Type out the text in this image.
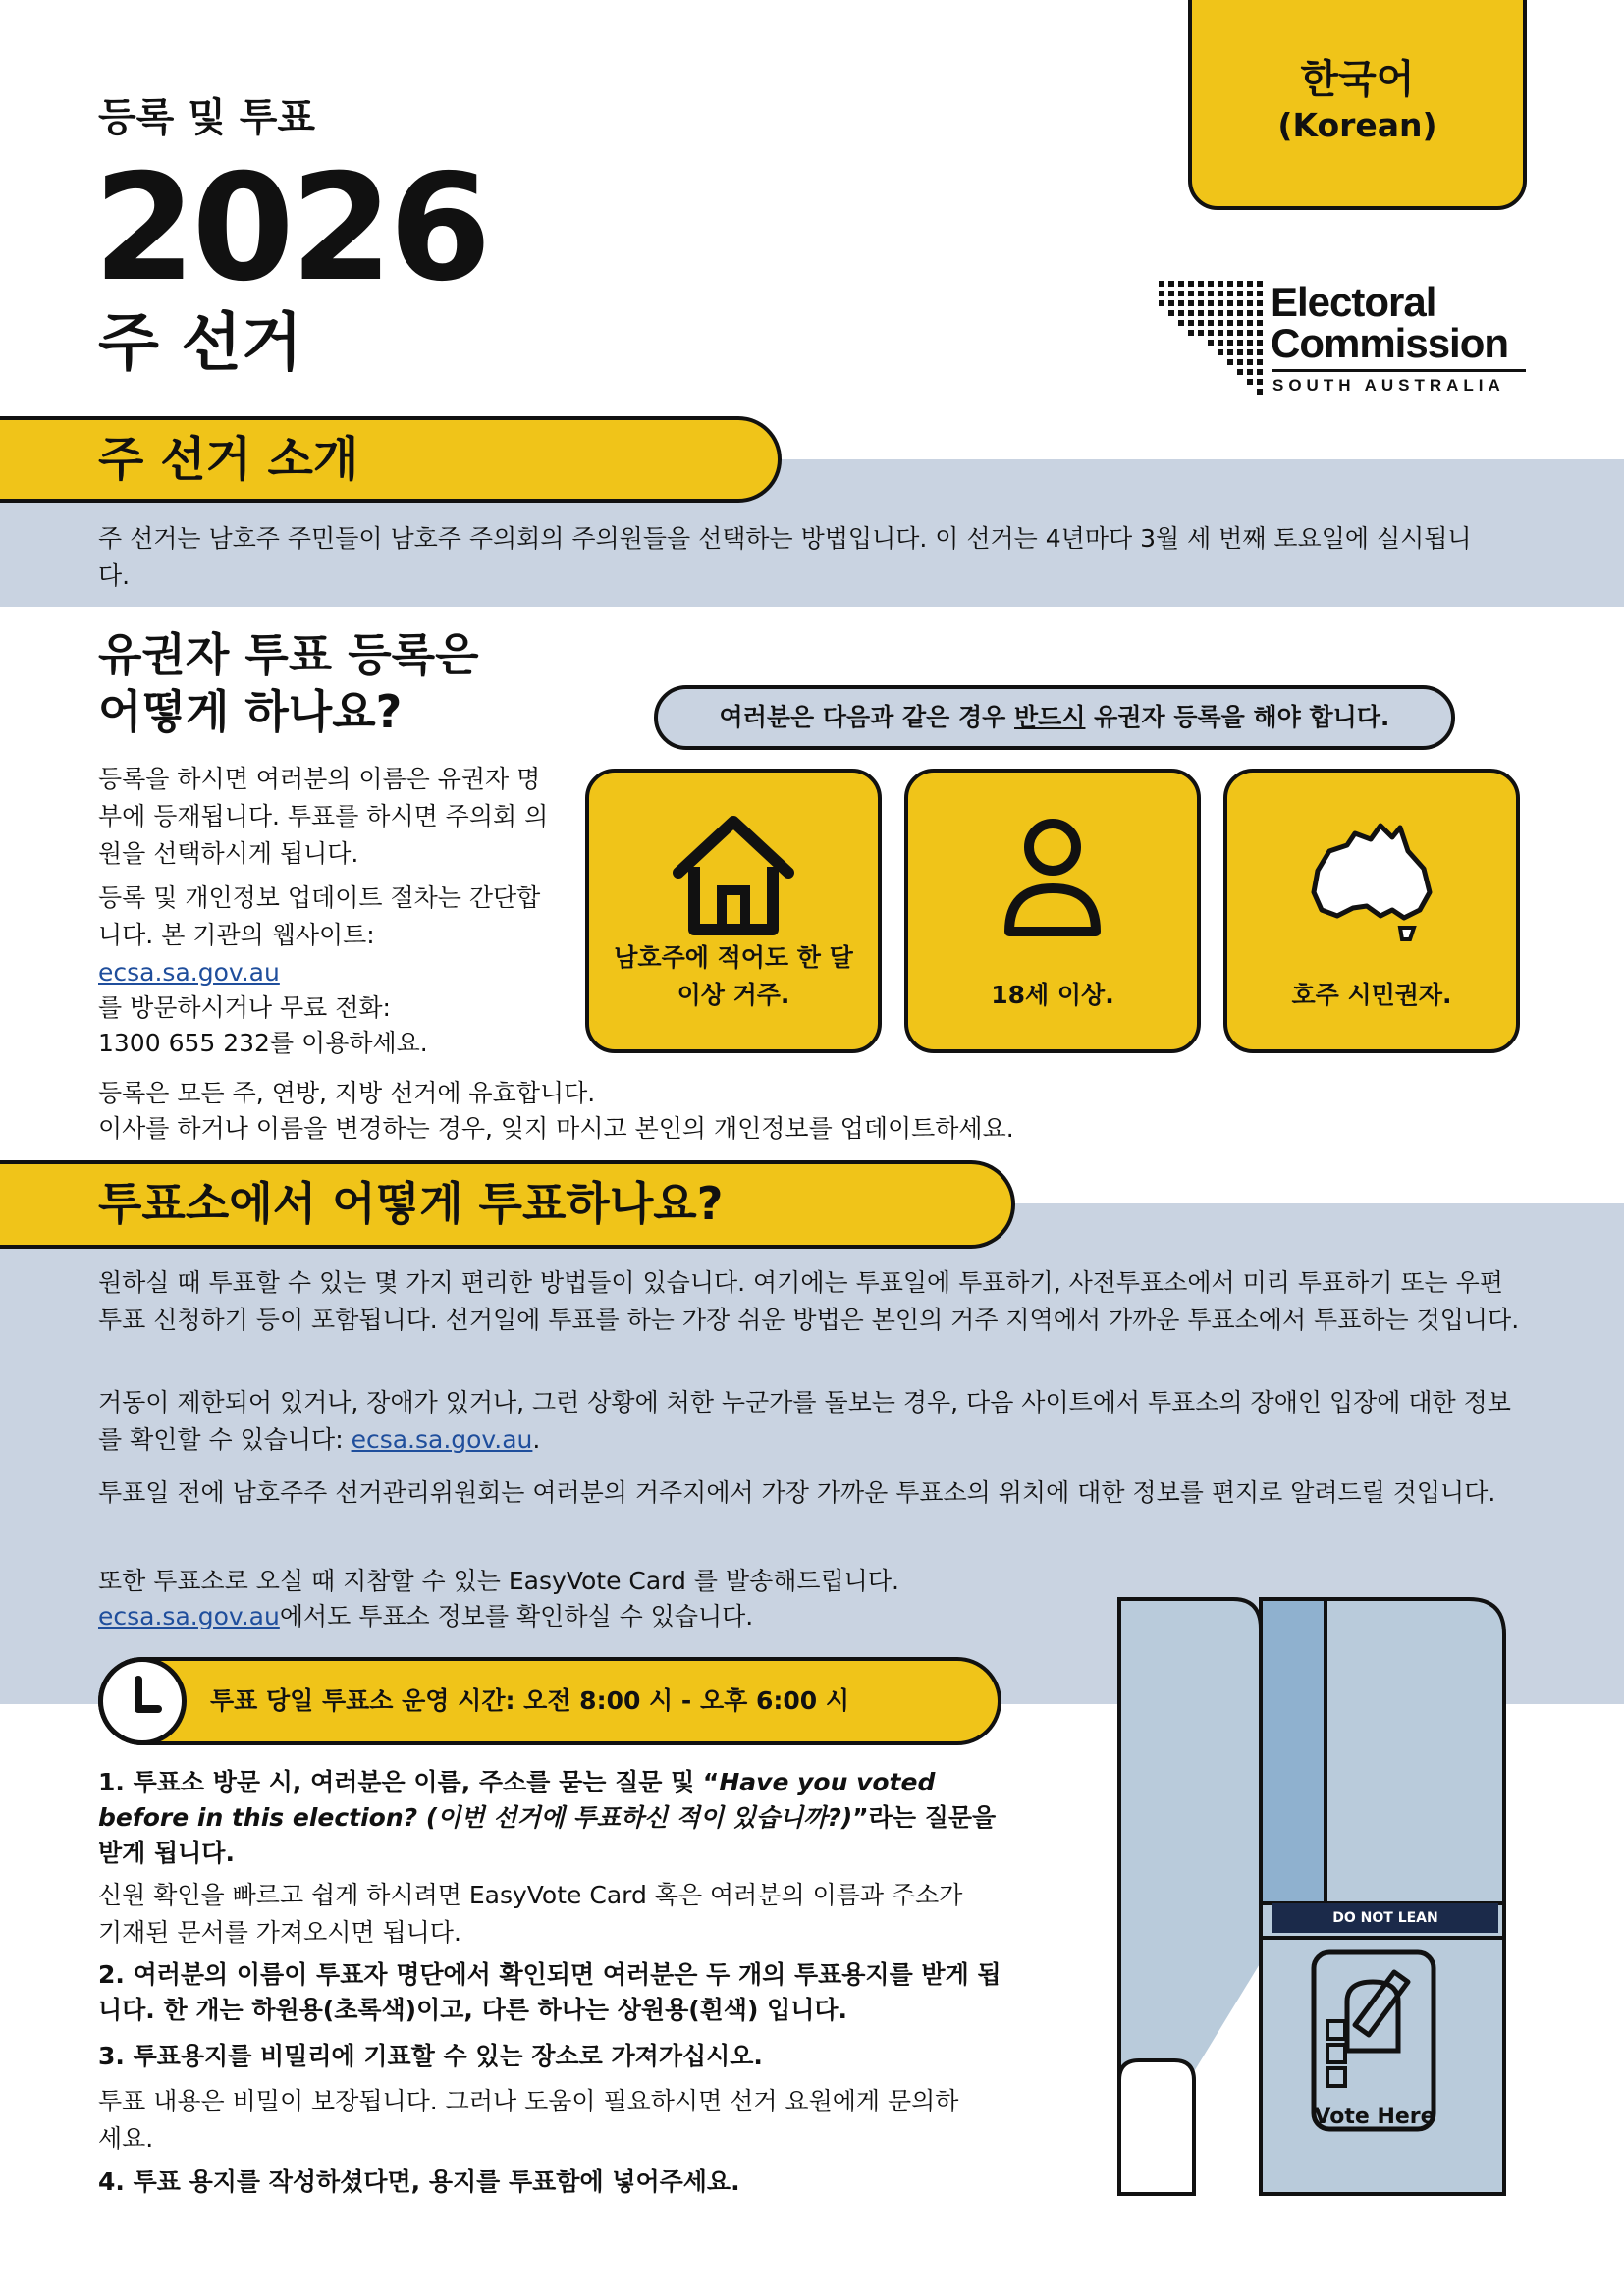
등록 및 투표
2026
주 선거
한국어
(Korean)
Electoral
Commission
SOUTH AUSTRALIA
주 선거 소개

주 선거는 남호주 주민들이 남호주 주의회의 주의원들을 선택하는 방법입니다. 이 선거는 4년마다 3월 세 번째 토요일에 실시됩니다.

유권자 투표 등록은
어떻게 하나요?

등록을 하시면 여러분의 이름은 유권자 명부에 등재됩니다. 투표를 하시면 주의회 의원을 선택하시게 됩니다.

등록 및 개인정보 업데이트 절차는 간단합니다. 본 기관의 웹사이트:

ecsa.sa.gov.au

를 방문하시거나 무료 전화:

1300 655 232를 이용하세요.

등록은 모든 주, 연방, 지방 선거에 유효합니다.

이사를 하거나 이름을 변경하는 경우, 잊지 마시고 본인의 개인정보를 업데이트하세요.

여러분은 다음과 같은 경우 반드시 유권자 등록을 해야 합니다.
남호주에 적어도 한 달 이상 거주.	18세 이상.	호주 시민권자.
투표소에서 어떻게 투표하나요?

원하실 때 투표할 수 있는 몇 가지 편리한 방법들이 있습니다. 여기에는 투표일에 투표하기, 사전투표소에서 미리 투표하기 또는 우편 투표 신청하기 등이 포함됩니다. 선거일에 투표를 하는 가장 쉬운 방법은 본인의 거주 지역에서 가까운 투표소에서 투표하는 것입니다.

거동이 제한되어 있거나, 장애가 있거나, 그런 상황에 처한 누군가를 돌보는 경우, 다음 사이트에서 투표소의 장애인 입장에 대한 정보를 확인할 수 있습니다: ecsa.sa.gov.au.

투표일 전에 남호주주 선거관리위원회는 여러분의 거주지에서 가장 가까운 투표소의 위치에 대한 정보를 편지로 알려드릴 것입니다.

또한 투표소로 오실 때 지참할 수 있는 EasyVote Card 를 발송해드립니다.

ecsa.sa.gov.au에서도 투표소 정보를 확인하실 수 있습니다.

투표 당일 투표소 운영 시간: 오전 8:00 시 - 오후 6:00 시

1. 투표소 방문 시, 여러분은 이름, 주소를 묻는 질문 및 “Have you voted before in this election? (이번 선거에 투표하신 적이 있습니까?)”라는 질문을 받게 됩니다.

신원 확인을 빠르고 쉽게 하시려면 EasyVote Card 혹은 여러분의 이름과 주소가 기재된 문서를 가져오시면 됩니다.

2. 여러분의 이름이 투표자 명단에서 확인되면 여러분은 두 개의 투표용지를 받게 됩니다. 한 개는 하원용(초록색)이고, 다른 하나는 상원용(흰색) 입니다.

3. 투표용지를 비밀리에 기표할 수 있는 장소로 가져가십시오.

투표 내용은 비밀이 보장됩니다. 그러나 도움이 필요하시면 선거 요원에게 문의하세요.

4. 투표 용지를 작성하셨다면, 용지를 투표함에 넣어주세요.

DO NOT LEAN
Vote Here
